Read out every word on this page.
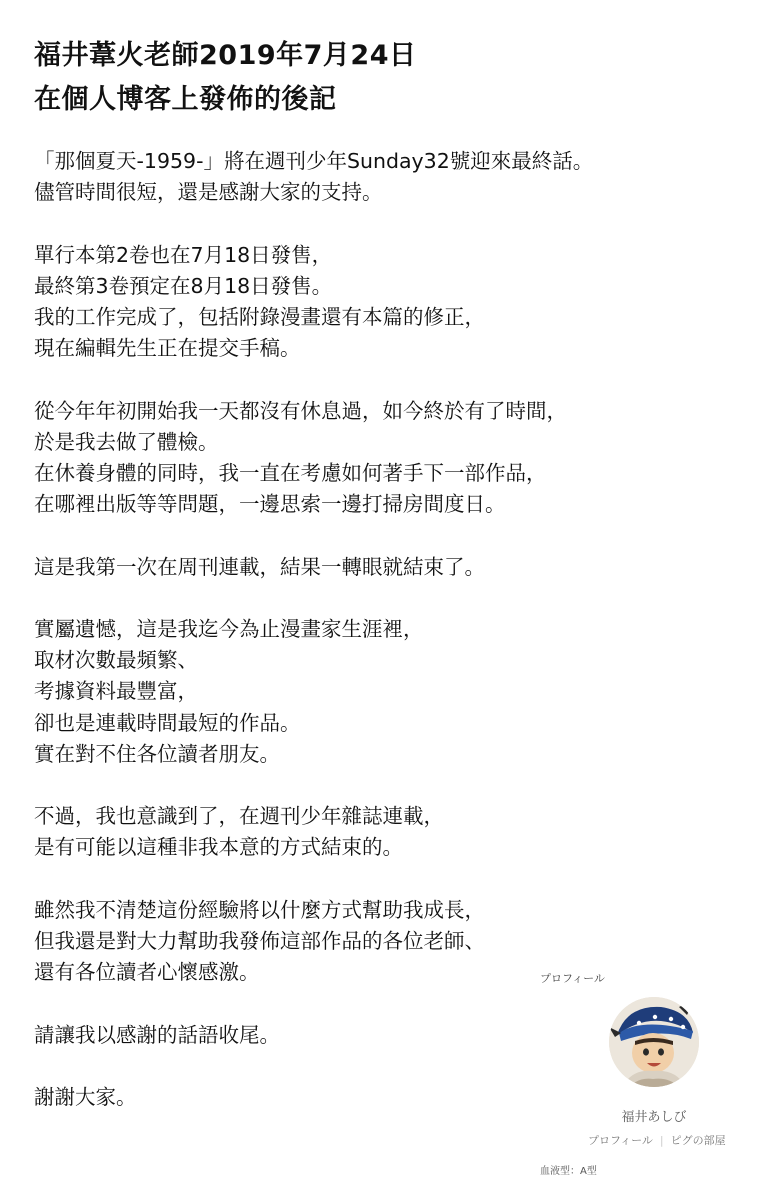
福井葦火老師2019年7月24日
在個人博客上發佈的後記
「那個夏天-1959-」將在週刊少年Sunday32號迎來最終話。
儘管時間很短，還是感謝大家的支持。
單行本第2卷也在7月18日發售，
最終第3卷預定在8月18日發售。
我的工作完成了，包括附錄漫畫還有本篇的修正，
現在編輯先生正在提交手稿。
從今年年初開始我一天都沒有休息過，如今終於有了時間，
於是我去做了體檢。
在休養身體的同時，我一直在考慮如何著手下一部作品，
在哪裡出版等等問題，一邊思索一邊打掃房間度日。
這是我第一次在周刊連載，結果一轉眼就結束了。
實屬遺憾，這是我迄今為止漫畫家生涯裡，
取材次數最頻繁、
考據資料最豐富，
卻也是連載時間最短的作品。
實在對不住各位讀者朋友。
不過，我也意識到了，在週刊少年雜誌連載，
是有可能以這種非我本意的方式結束的。
雖然我不清楚這份經驗將以什麼方式幫助我成長，
但我還是對大力幫助我發佈這部作品的各位老師、
還有各位讀者心懷感激。
請讓我以感謝的話語收尾。
謝謝大家。
プロフィール
福井あしび
プロフィール | ピグの部屋
血液型：A型
